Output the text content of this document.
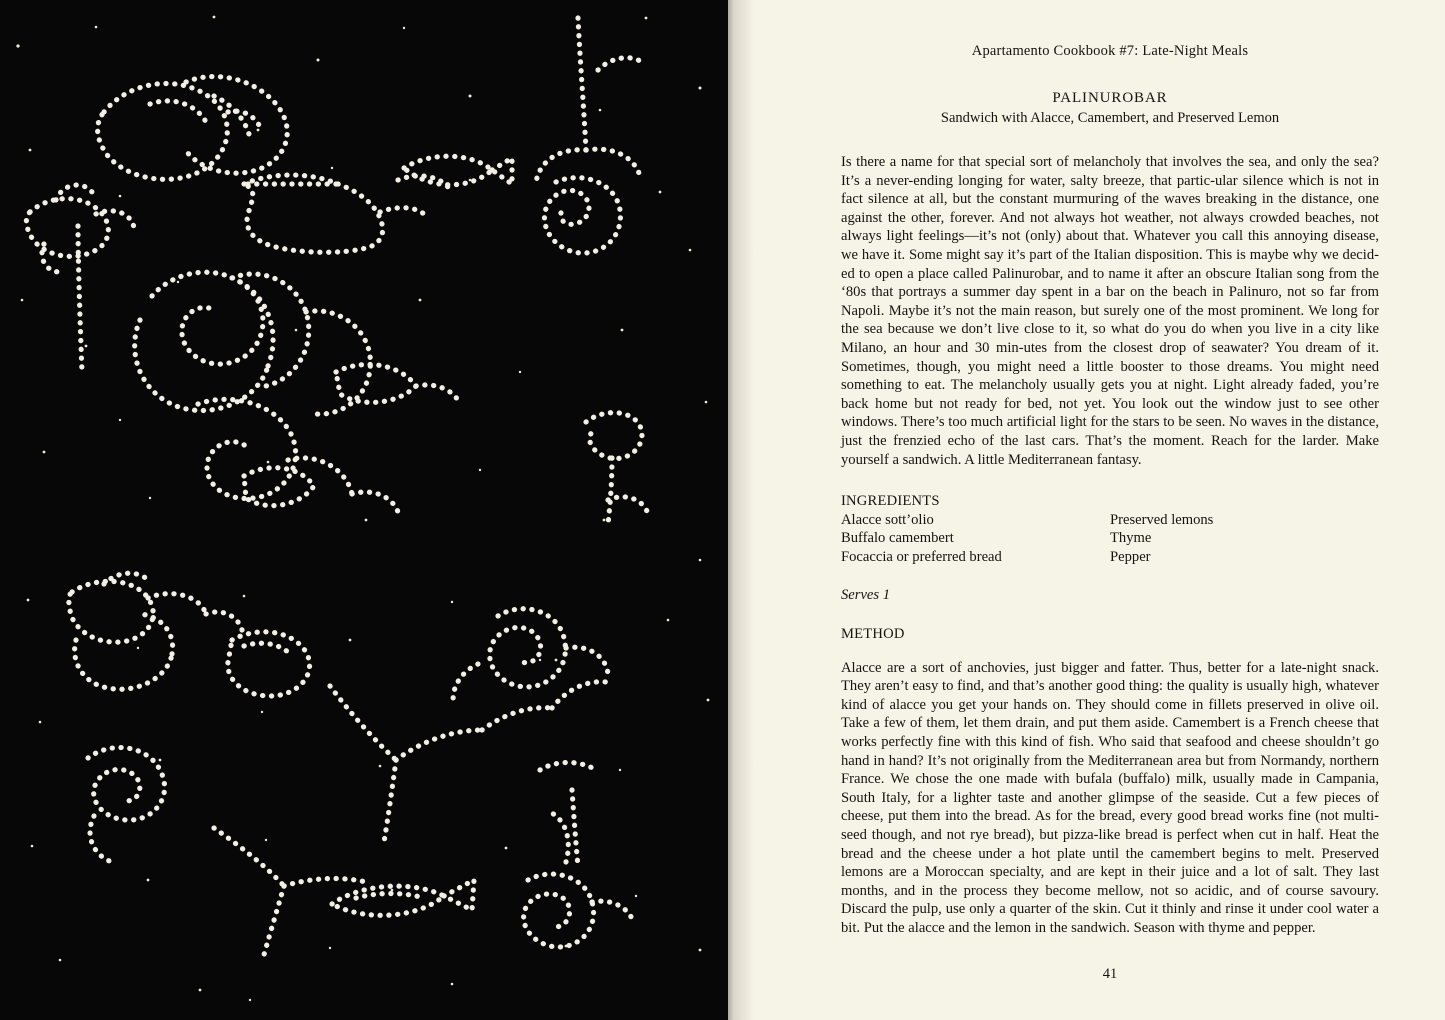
Apartamento Cookbook #7: Late-Night Meals
PALINUROBAR
Sandwich with Alacce, Camembert, and Preserved Lemon

Is there a name for that special sort of melancholy that involves the sea, and only the sea? It’s a never-ending longing for water, salty breeze, that partic-ular silence which is not in fact silence at all, but the constant murmuring of the waves breaking in the distance, one against the other, forever. And not always hot weather, not always crowded beaches, not always light feelings—it’s not (only) about that. Whatever you call this annoying disease, we have it. Some might say it’s part of the Italian disposition. This is maybe why we decid-ed to open a place called Palinurobar, and to name it after an obscure Italian song from the ‘80s that portrays a summer day spent in a bar on the beach in Palinuro, not so far from Napoli. Maybe it’s not the main reason, but surely one of the most prominent. We long for the sea because we don’t live close to it, so what do you do when you live in a city like Milano, an hour and 30 min-utes from the closest drop of seawater? You dream of it. Sometimes, though, you might need a little booster to those dreams. You might need something to eat. The melancholy usually gets you at night. Light already faded, you’re back home but not ready for bed, not yet. You look out the window just to see other windows. There’s too much artificial light for the stars to be seen. No waves in the distance, just the frenzied echo of the last cars. That’s the moment. Reach for the larder. Make yourself a sandwich. A little Mediterranean fantasy.

INGREDIENTS
Alacce sott’olio
Buffalo camembert
Focaccia or preferred bread
Preserved lemons
Thyme
Pepper
Serves 1
METHOD

Alacce are a sort of anchovies, just bigger and fatter. Thus, better for a late-night snack. They aren’t easy to find, and that’s another good thing: the quality is usually high, whatever kind of alacce you get your hands on. They should come in fillets preserved in olive oil. Take a few of them, let them drain, and put them aside. Camembert is a French cheese that works perfectly fine with this kind of fish. Who said that seafood and cheese shouldn’t go hand in hand? It’s not originally from the Mediterranean area but from Normandy, northern France. We chose the one made with bufala (buffalo) milk, usually made in Campania, South Italy, for a lighter taste and another glimpse of the seaside. Cut a few pieces of cheese, put them into the bread. As for the bread, every good bread works fine (not multi-seed though, and not rye bread), but pizza-like bread is perfect when cut in half. Heat the bread and the cheese under a hot plate until the camembert begins to melt. Preserved lemons are a Moroccan specialty, and are kept in their juice and a lot of salt. They last months, and in the process they become mellow, not so acidic, and of course savoury. Discard the pulp, use only a quarter of the skin. Cut it thinly and rinse it under cool water a bit. Put the alacce and the lemon in the sandwich. Season with thyme and pepper.

41
